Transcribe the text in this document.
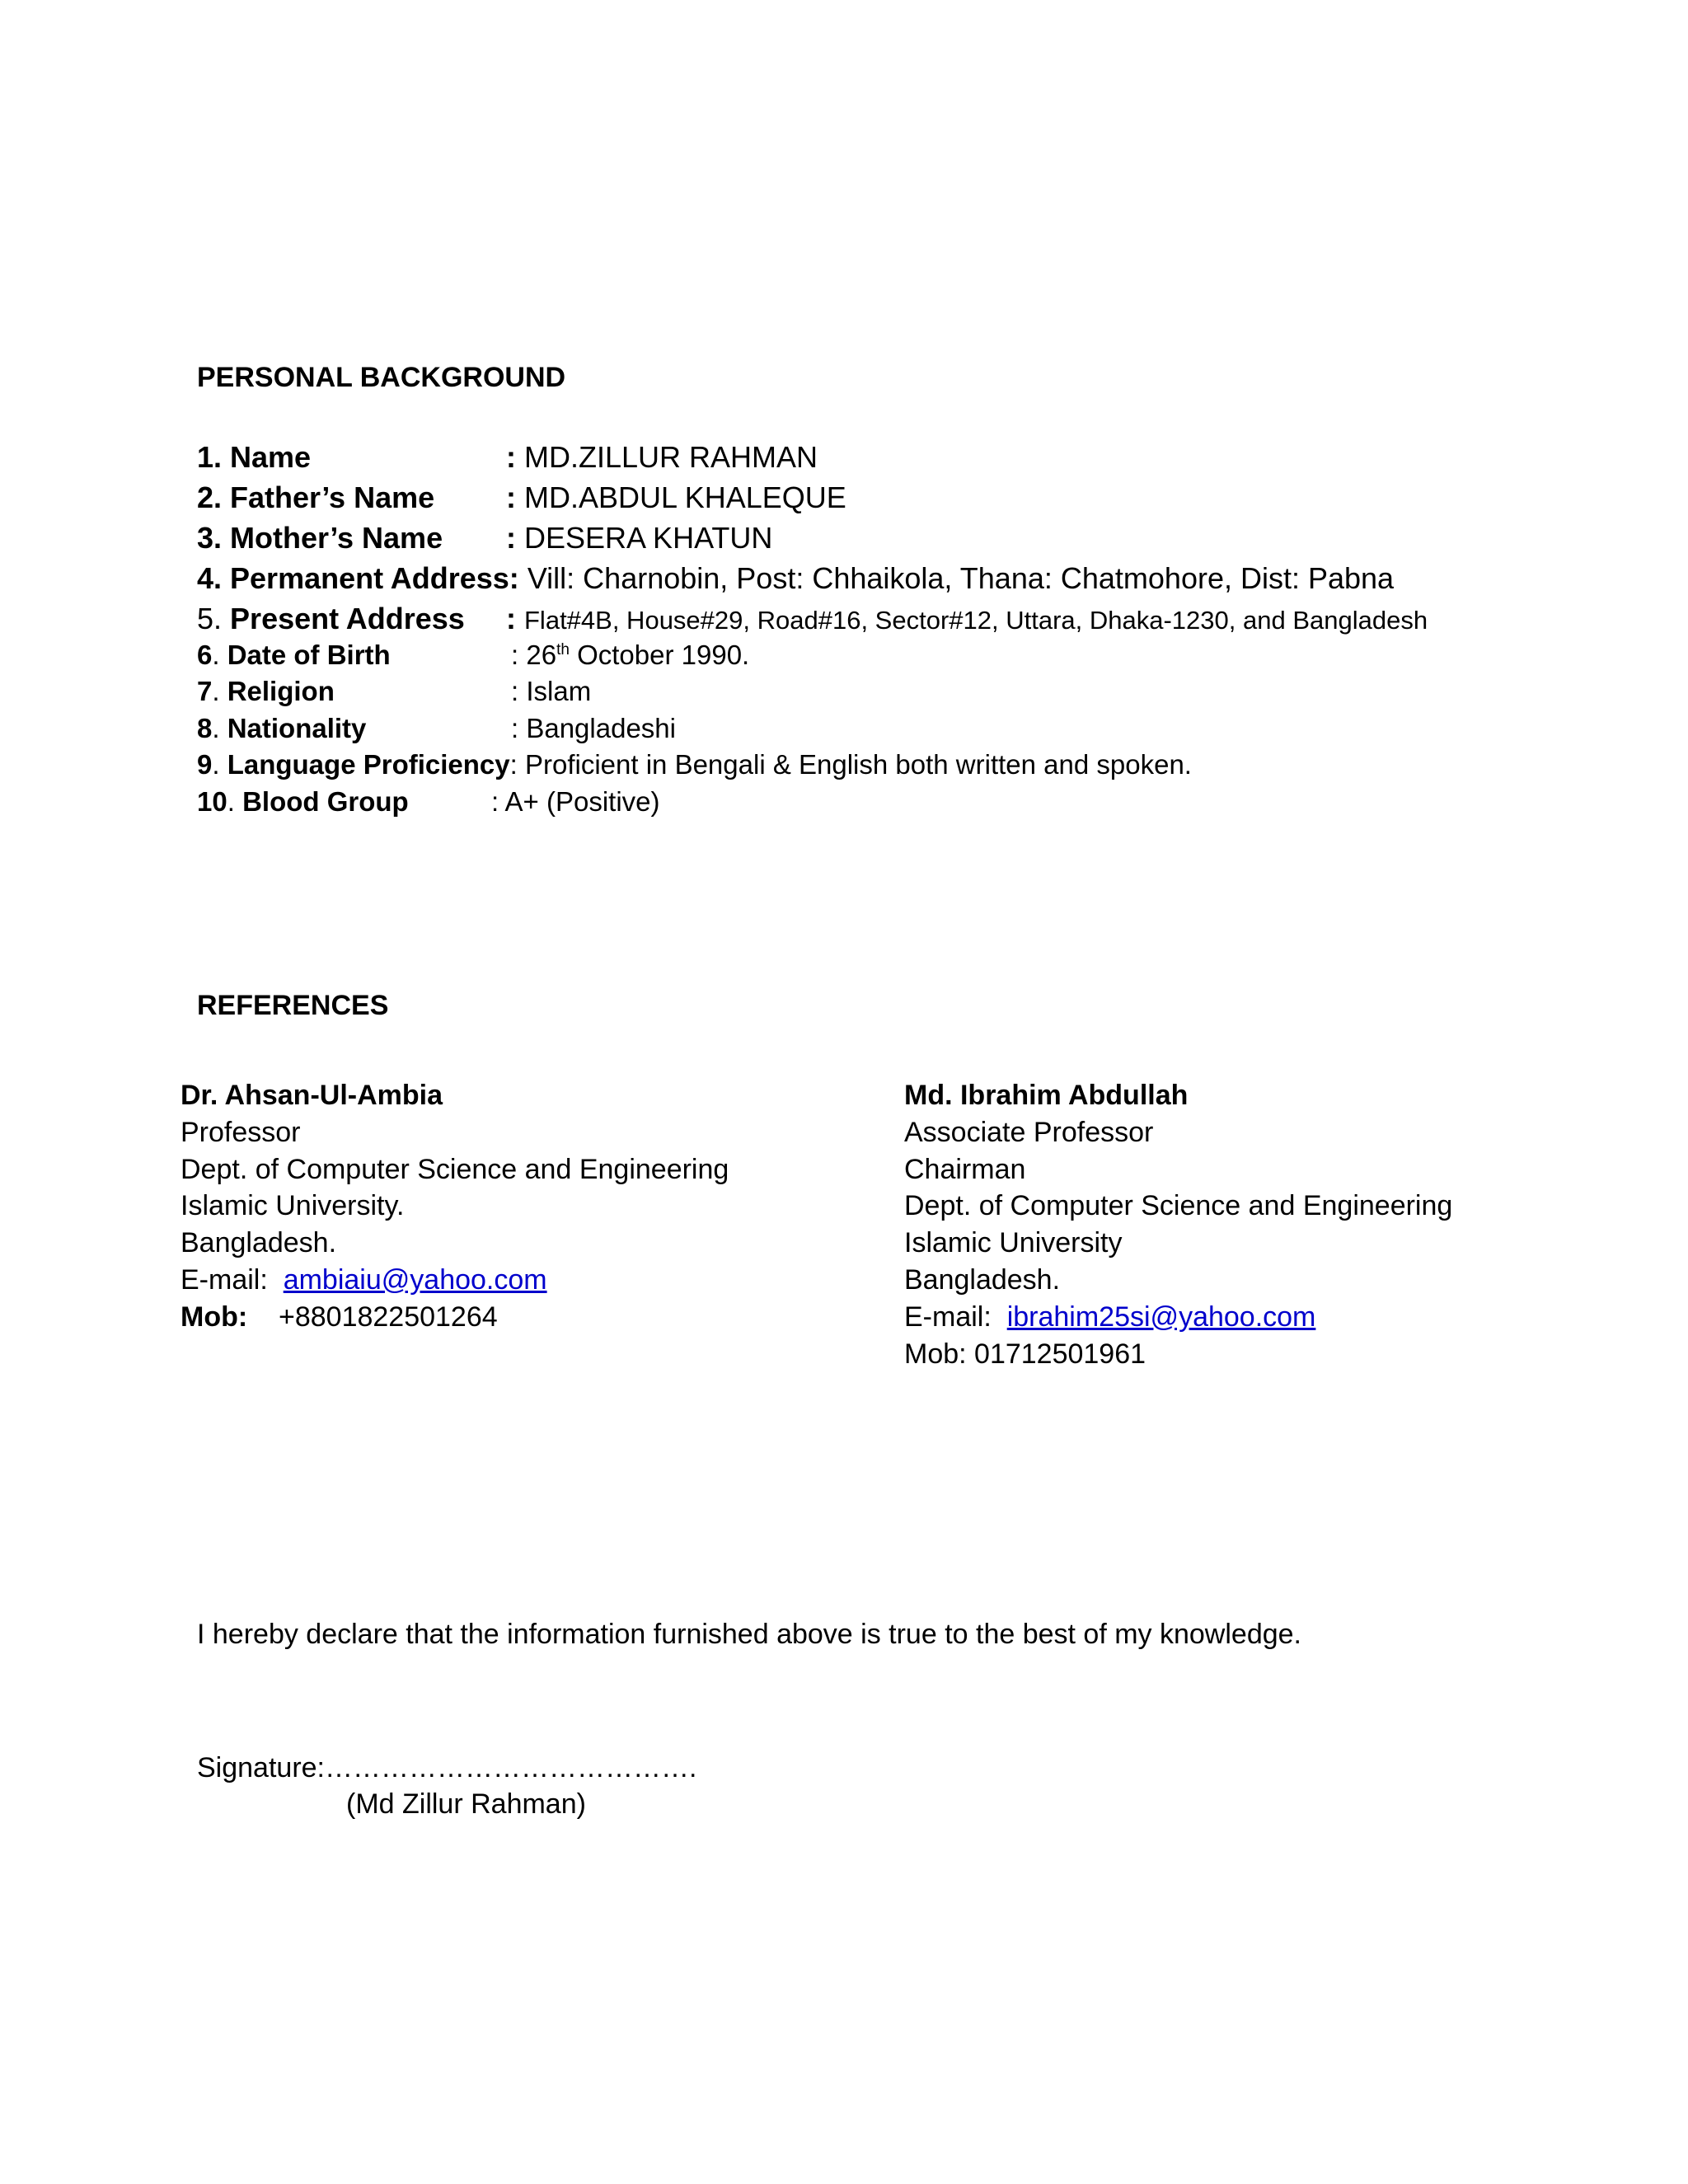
PERSONAL BACKGROUND
1. Name	: MD.ZILLUR RAHMAN
2. Father’s Name : MD.ABDUL KHALEQUE
3. Mother’s Name : DESERA KHATUN
4. Permanent Address: Vill: Charnobin, Post: Chhaikola, Thana: Chatmohore, Dist: Pabna
5. Present Address : Flat#4B, House#29, Road#16, Sector#12, Uttara, Dhaka-1230, and Bangladesh
6. Date of Birth	: 26th October 1990.
7. Religion	: Islam
8. Nationality	: Bangladeshi
9. Language Proficiency: Proficient in Bengali & English both written and spoken.
10. Blood Group	: A+ (Positive)
REFERENCES
Dr. Ahsan-Ul-Ambia
Professor
Dept. of Computer Science and Engineering
Islamic University.
Bangladesh.
E-mail: ambiaiu@yahoo.com
Mob: +8801822501264
Md. Ibrahim Abdullah
Associate Professor
Chairman
Dept. of Computer Science and Engineering
Islamic University
Bangladesh.
E-mail: ibrahim25si@yahoo.com
Mob: 01712501961
I hereby declare that the information furnished above is true to the best of my knowledge.
Signature:………………………………….
(Md Zillur Rahman)
